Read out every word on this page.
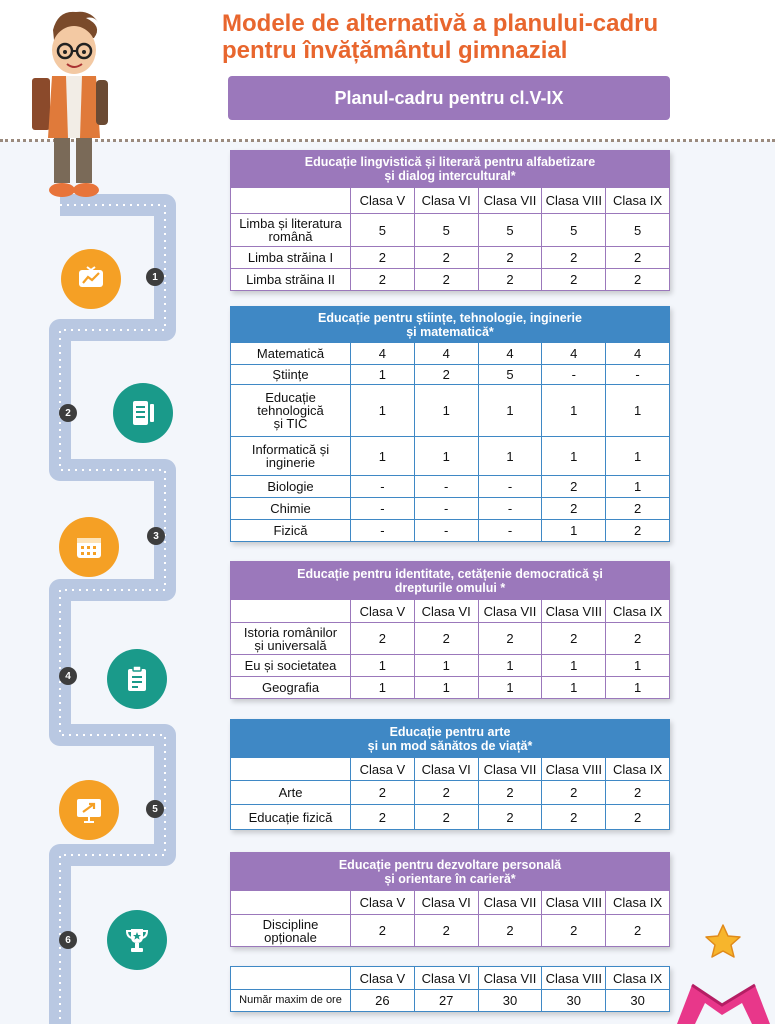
Modele de alternativă a planului-cadru
pentru învățământul gimnazial
Planul-cadru pentru cl.V-IX
1
2
3
4
5
6
Educație lingvistică și literară pentru alfabetizare
și dialog intercultural*
	Clasa V	Clasa VI	Clasa VII	Clasa VIII	Clasa IX

Limba și literatura
română	5	5	5	5	5
Limba străina I	2	2	2	2	2
Limba străina II	2	2	2	2	2
Educație pentru științe, tehnologie, inginerie
și matematică*
Matematică	4	4	4	4	4
Științe	1	2	5	-	-

Educație
tehnologică
și TIC	1	1	1	1	1

Informatică și
inginerie	1	1	1	1	1
Biologie	-	-	-	2	1
Chimie	-	-	-	2	2
Fizică	-	-	-	1	2
Educație pentru identitate, cetățenie democratică și
drepturile omului *
	Clasa V	Clasa VI	Clasa VII	Clasa VIII	Clasa IX

Istoria românilor
și universală	2	2	2	2	2
Eu și societatea	1	1	1	1	1
Geografia	1	1	1	1	1
Educație pentru arte
și un mod sănătos de viață*
	Clasa V	Clasa VI	Clasa VII	Clasa VIII	Clasa IX
Arte	2	2	2	2	2
Educație fizică	2	2	2	2	2
Educație pentru dezvoltare personală
și orientare în carieră*
	Clasa V	Clasa VI	Clasa VII	Clasa VIII	Clasa IX

Discipline
opționale	2	2	2	2	2
	Clasa V	Clasa VI	Clasa VII	Clasa VIII	Clasa IX
Număr maxim de ore	26	27	30	30	30
